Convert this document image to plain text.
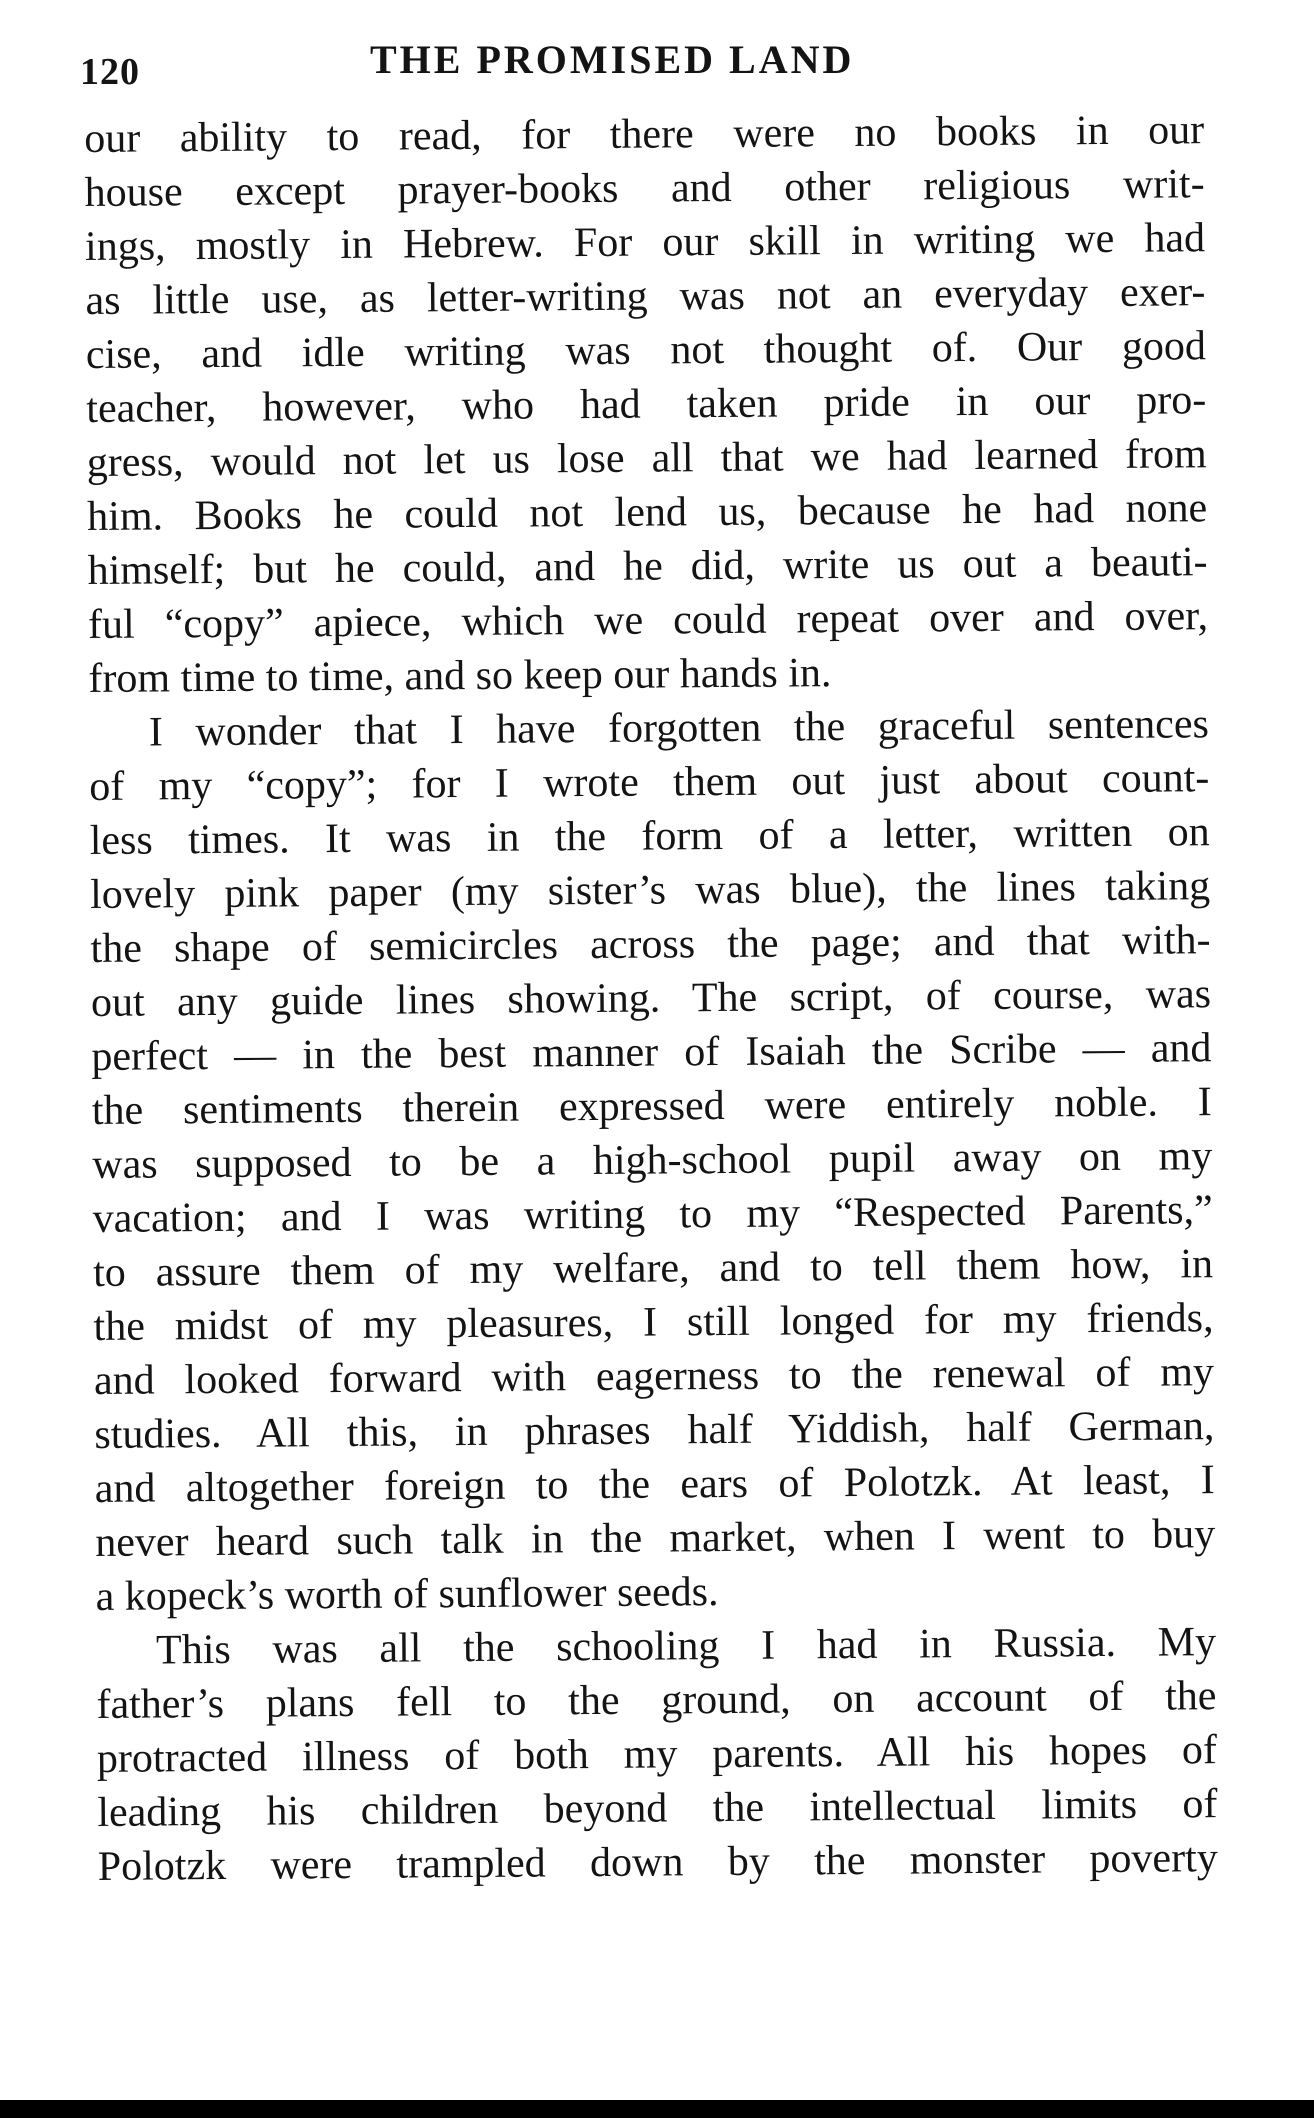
120	THE PROMISED LAND
our ability to read, for there were no books in our
house except prayer-books and other religious writ-
ings, mostly in Hebrew. For our skill in writing we had
as little use, as letter-writing was not an everyday exer-
cise, and idle writing was not thought of. Our good
teacher, however, who had taken pride in our pro-
gress, would not let us lose all that we had learned from
him. Books he could not lend us, because he had none
himself; but he could, and he did, write us out a beauti-
ful “copy” apiece, which we could repeat over and over,
from time to time, and so keep our hands in.
I wonder that I have forgotten the graceful sentences
of my “copy”; for I wrote them out just about count-
less times. It was in the form of a letter, written on
lovely pink paper (my sister’s was blue), the lines taking
the shape of semicircles across the page; and that with-
out any guide lines showing. The script, of course, was
perfect — in the best manner of Isaiah the Scribe — and
the sentiments therein expressed were entirely noble. I
was supposed to be a high-school pupil away on my
vacation; and I was writing to my “Respected Parents,”
to assure them of my welfare, and to tell them how, in
the midst of my pleasures, I still longed for my friends,
and looked forward with eagerness to the renewal of my
studies. All this, in phrases half Yiddish, half German,
and altogether foreign to the ears of Polotzk. At least, I
never heard such talk in the market, when I went to buy
a kopeck’s worth of sunflower seeds.
This was all the schooling I had in Russia. My
father’s plans fell to the ground, on account of the
protracted illness of both my parents. All his hopes of
leading his children beyond the intellectual limits of
Polotzk were trampled down by the monster poverty
